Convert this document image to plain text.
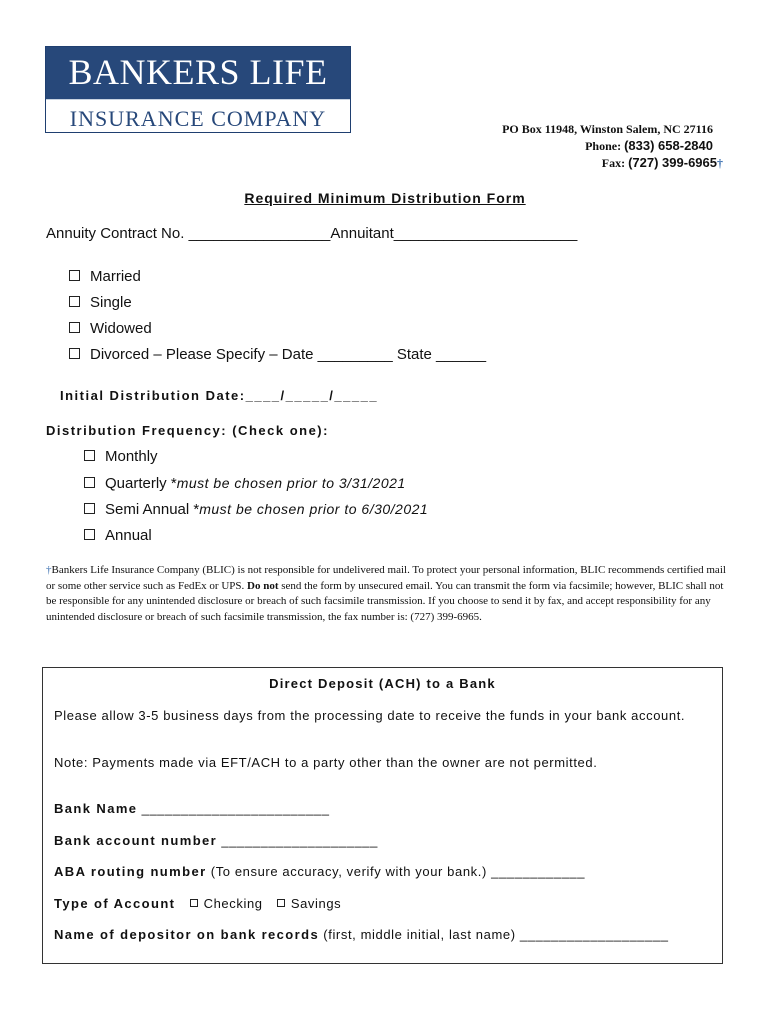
BANKERS LIFE
INSURANCE COMPANY	PO Box 11948, Winston Salem, NC 27116
Phone: (833) 658-2840
Fax: (727) 399-6965†
Required Minimum Distribution Form
Annuity Contract No. _________________Annuitant______________________
Married
Single
Widowed
Divorced – Please Specify – Date _________ State ______
Initial Distribution Date:____/_____/_____
Distribution Frequency: (Check one):
Monthly
Quarterly *must be chosen prior to 3/31/2021
Semi Annual *must be chosen prior to 6/30/2021
Annual
†Bankers Life Insurance Company (BLIC) is not responsible for undelivered mail. To protect your personal information, BLIC recommends certified mail or some other service such as FedEx or UPS. Do not send the form by unsecured email. You can transmit the form via facsimile; however, BLIC shall not be responsible for any unintended disclosure or breach of such facsimile transmission. If you choose to send it by fax, and accept responsibility for any unintended disclosure or breach of such facsimile transmission, the fax number is: (727) 399-6965.
Direct Deposit (ACH) to a Bank
Please allow 3-5 business days from the processing date to receive the funds in your bank account.
Note: Payments made via EFT/ACH to a party other than the owner are not permitted.
Bank Name ________________________
Bank account number ____________________
ABA routing number (To ensure accuracy, verify with your bank.) ____________
Type of Account Checking Savings
Name of depositor on bank records (first, middle initial, last name) ___________________
